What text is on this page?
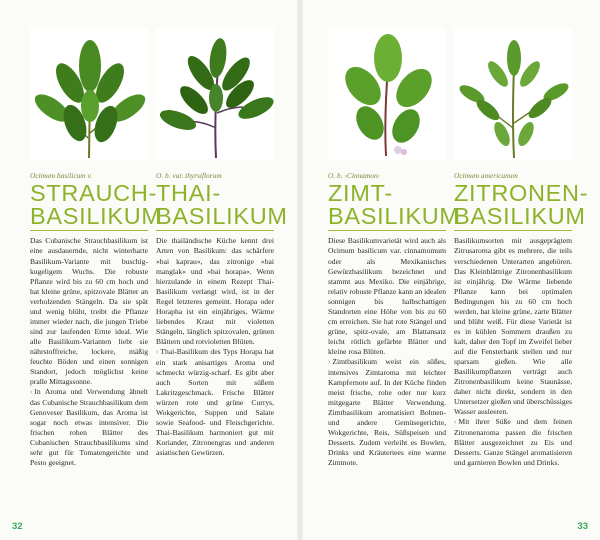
Ocimum basilicum v.
STRAUCH-
BASILIKUM

Das Cubanische Strauchbasilikum ist eine ausdauernde, nicht winterharte Basilikum-Variante mit buschig-kugeligem Wuchs. Die robuste Pflanze wird bis zu 60 cm hoch und hat kleine grüne, spitzovale Blätter an verholzenden Stängeln. Da sie spät und wenig blüht, treibt die Pflanze immer wieder nach, die jungen Triebe sind zur laufenden Ernte ideal. Wie alle Basilikum-Varianten liebt sie nährstoffreiche, lockere, mäßig feuchte Böden und einen sonnigen Standort, jedoch möglichst keine pralle Mittagssonne.

› In Aroma und Verwendung ähnelt das Cubanische Strauchbasilikum dem Genoveser Basilikum, das Aroma ist sogar noch etwas intensiver. Die frischen rohen Blätter des Cubanischen Strauchbasilikums sind sehr gut für Tomatengerichte und Pesto geeignet.

O. b. var. thyrsiflorum
THAI-
BASILIKUM

Die thailändische Küche kennt drei Arten von Basilikum: das schärfere »bai kaprau«, das zitronige »bai manglak« und »bai horapa«. Wenn hierzulande in einem Rezept Thai-Basilikum verlangt wird, ist in der Regel letzteres gemeint. Horapa oder Horapha ist ein einjähriges, Wärme liebendes Kraut mit violetten Stängeln, länglich spitzovalen, grünen Blättern und rotvioletten Blüten.

› Thai-Basilikum des Typs Horapa hat ein stark anisartiges Aroma und schmeckt würzig-scharf. Es gibt aber auch Sorten mit süßem Lakritzgeschmack. Frische Blätter würzen rote und grüne Currys, Wokgerichte, Suppen und Salate sowie Seafood- und Fleischgerichte. Thai-Basilikum harmoniert gut mit Koriander, Zitronengras und anderen asiatischen Gewürzen.

O. b. ›Cinnamon‹
ZIMT-
BASILIKUM

Diese Basilikumvarietät wird auch als Ocimum basilicum var. cinnamomum oder als Mexikanisches Gewürzbasilikum bezeichnet und stammt aus Mexiko. Die einjährige, relativ robuste Pflanze kann an idealen sonnigen bis halbschattigen Standorten eine Höhe von bis zu 60 cm erreichen. Sie hat rote Stängel und grüne, spitz-ovale, am Blattansatz leicht rötlich gefärbte Blätter und kleine rosa Blüten.

› Zimtbasilikum weist ein süßes, intensives Zimtaroma mit leichter Kampfernote auf. In der Küche finden meist frische, rohe oder nur kurz mitgegarte Blätter Verwendung. Zimtbasilikum aromatisiert Bohnen- und andere Gemüsegerichte, Wokgerichte, Reis, Süßspeisen und Desserts. Zudem verleiht es Bowlen, Drinks und Kräutertees eine warme Zimtnote.

Ocimum americanum
ZITRONEN-
BASILIKUM

Basilikumsorten mit ausgeprägtem Zitrusaroma gibt es mehrere, die teils verschiedenen Unterarten angehören. Das Kleinblättrige Zitronenbasilikum ist einjährig. Die Wärme liebende Pflanze kann bei optimalen Bedingungen bis zu 60 cm hoch werden, hat kleine grüne, zarte Blätter und blüht weiß. Für diese Varietät ist es in kühlen Sommern draußen zu kalt, daher den Topf im Zweifel lieber auf die Fensterbank stellen und nur sparsam gießen. Wie alle Basilikumpflanzen verträgt auch Zitronenbasilikum keine Staunässe, daher nicht direkt, sondern in den Untersetzer gießen und überschüssiges Wasser ausleeren.

› Mit ihrer Süße und dem feinen Zitronenaroma passen die frischen Blätter ausgezeichnet zu Eis und Desserts. Ganze Stängel aromatisieren und garnieren Bowlen und Drinks.

32	33
